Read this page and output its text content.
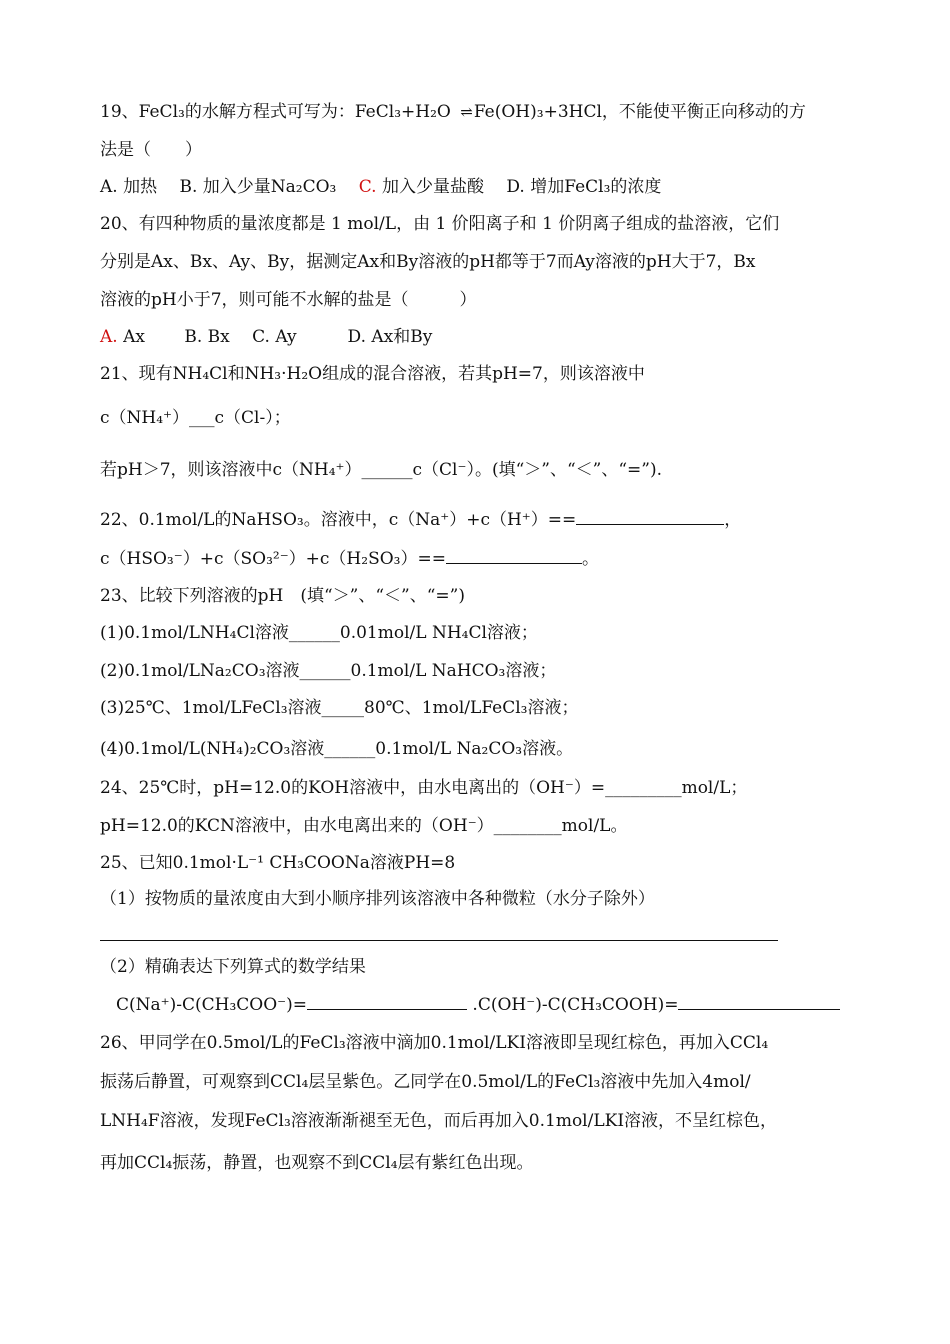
19、FeCl₃的水解方程式可写为：FeCl₃+H₂O ⇌ Fe(OH)₃+3HCl，不能使平衡正向移动的方
法是（　　）
A. 加热　 B. 加入少量Na₂CO₃　 C. 加入少量盐酸　 D. 增加FeCl₃的浓度
20、有四种物质的量浓度都是 1 mol/L，由 1 价阳离子和 1 价阴离子组成的盐溶液，它们
分别是Ax、Bx、Ay、By，据测定Ax和By溶液的pH都等于7而Ay溶液的pH大于7，Bx
溶液的pH小于7，则可能不水解的盐是（　　　）
A. Ax　　 B. Bx　 C. Ay　　　D. Ax和By
21、现有NH₄Cl和NH₃·H₂O组成的混合溶液，若其pH=7，则该溶液中
c（NH₄⁺）___c（Cl-）；
若pH＞7，则该溶液中c（NH₄⁺）______c（Cl⁻）。(填“＞”、“＜”、“=”).
22、0.1mol/L的NaHSO₃。溶液中，c（Na⁺）+c（H⁺）==	，
c（HSO₃⁻）+c（SO₃²⁻）+c（H₂SO₃）==	。
23、比较下列溶液的pH　(填“＞”、“＜”、“=”)
(1)0.1mol/LNH₄Cl溶液______0.01mol/L NH₄Cl溶液；
(2)0.1mol/LNa₂CO₃溶液______0.1mol/L NaHCO₃溶液；
(3)25℃、1mol/LFeCl₃溶液_____80℃、1mol/LFeCl₃溶液；
(4)0.1mol/L(NH₄)₂CO₃溶液______0.1mol/L Na₂CO₃溶液。
24、25℃时，pH=12.0的KOH溶液中，由水电离出的（OH⁻）=_________mol/L；
pH=12.0的KCN溶液中，由水电离出来的（OH⁻）________mol/L。
25、已知0.1mol·L⁻¹ CH₃COONa溶液PH=8
（1）按物质的量浓度由大到小顺序排列该溶液中各种微粒（水分子除外）
（2）精确表达下列算式的数学结果
C(Na⁺)-C(CH₃COO⁻)=	.C(OH⁻)-C(CH₃COOH)=
26、甲同学在0.5mol/L的FeCl₃溶液中滴加0.1mol/LKI溶液即呈现红棕色，再加入CCl₄
振荡后静置，可观察到CCl₄层呈紫色。乙同学在0.5mol/L的FeCl₃溶液中先加入4mol/
LNH₄F溶液，发现FeCl₃溶液渐渐褪至无色，而后再加入0.1mol/LKI溶液，不呈红棕色，
再加CCl₄振荡，静置，也观察不到CCl₄层有紫红色出现。
